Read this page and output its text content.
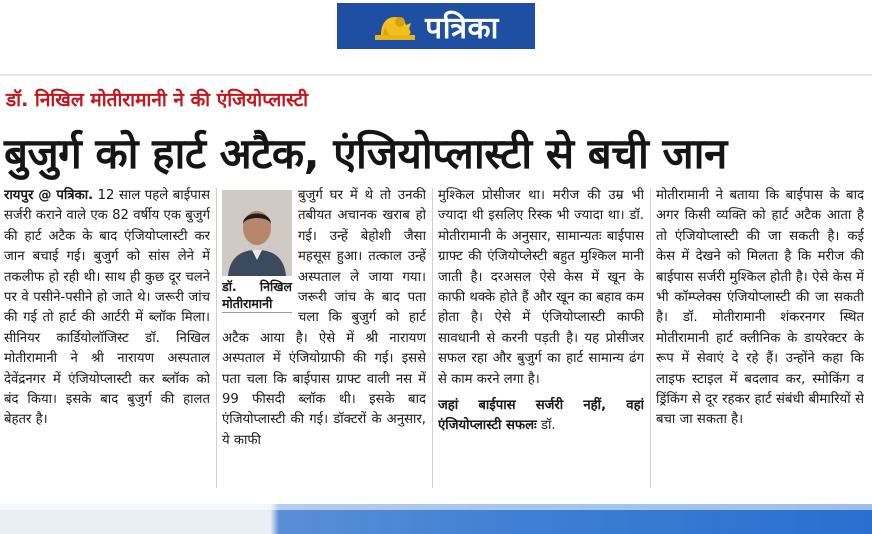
पत्रिका
डॉ. निखिल मोतीरामानी ने की एंजियोप्लास्टी
बुजुर्ग को हार्ट अटैक, एंजियोप्लास्टी से बची जान

रायपुर @ पत्रिका. 12 साल पहले बाईपास सर्जरी कराने वाले एक 82 वर्षीय एक बुजुर्ग की हार्ट अटैक के बाद एंजियोप्लास्टी कर जान बचाई गई। बुजुर्ग को सांस लेने में तकलीफ हो रही थी। साथ ही कुछ दूर चलने पर वे पसीने-पसीने हो जाते थे। जरूरी जांच की गई तो हार्ट की आर्टरी में ब्लॉक मिला। सीनियर कार्डियोलॉजिस्ट डॉ. निखिल मोतीरामानी ने श्री नारायण अस्पताल देवेंद्रनगर में एंजियोप्लास्टी कर ब्लॉक को बंद किया। इसके बाद बुजुर्ग की हालत बेहतर है।

डॉ. निखिल मोतीरामानी

बुजुर्ग घर में थे तो उनकी तबीयत अचानक खराब हो गई। उन्हें बेहोशी जैसा महसूस हुआ। तत्काल उन्हें अस्पताल ले जाया गया। जरूरी जांच के बाद पता चला कि बुजुर्ग को हार्ट अटैक आया है। ऐसे में श्री नारायण अस्पताल में एंजियोग्राफी की गई। इससे पता चला कि बाईपास ग्राफ्ट वाली नस में 99 फीसदी ब्लॉक थी। इसके बाद एंजियोप्लास्टी की गई। डॉक्टरों के अनुसार, ये काफी

मुश्किल प्रोसीजर था। मरीज की उम्र भी ज्यादा थी इसलिए रिस्क भी ज्यादा था। डॉ. मोतीरामानी के अनुसार, सामान्यतः बाईपास ग्राफ्ट की एंजियोप्लेस्टी बहुत मुश्किल मानी जाती है। दरअसल ऐसे केस में खून के काफी थक्के होते हैं और खून का बहाव कम होता है। ऐसे में एंजियोप्लास्टी काफी सावधानी से करनी पड़ती है। यह प्रोसीजर सफल रहा और बुजुर्ग का हार्ट सामान्य ढंग से काम करने लगा है।

जहां बाईपास सर्जरी नहीं, वहां एंजियोप्लास्टी सफलः डॉ.

मोतीरामानी ने बताया कि बाईपास के बाद अगर किसी व्यक्ति को हार्ट अटैक आता है तो एंजियोप्लास्टी की जा सकती है। कई केस में देखने को मिलता है कि मरीज की बाईपास सर्जरी मुश्किल होती है। ऐसे केस में भी कॉम्प्लेक्स एंजियोप्लास्टी की जा सकती है। डॉ. मोतीरामानी शंकरनगर स्थित मोतीरामानी हार्ट क्लीनिक के डायरेक्टर के रूप में सेवाएं दे रहे हैं। उन्होंने कहा कि लाइफ स्टाइल में बदलाव कर, स्मोकिंग व ड्रिंकिंग से दूर रहकर हार्ट संबंधी बीमारियों से बचा जा सकता है।
